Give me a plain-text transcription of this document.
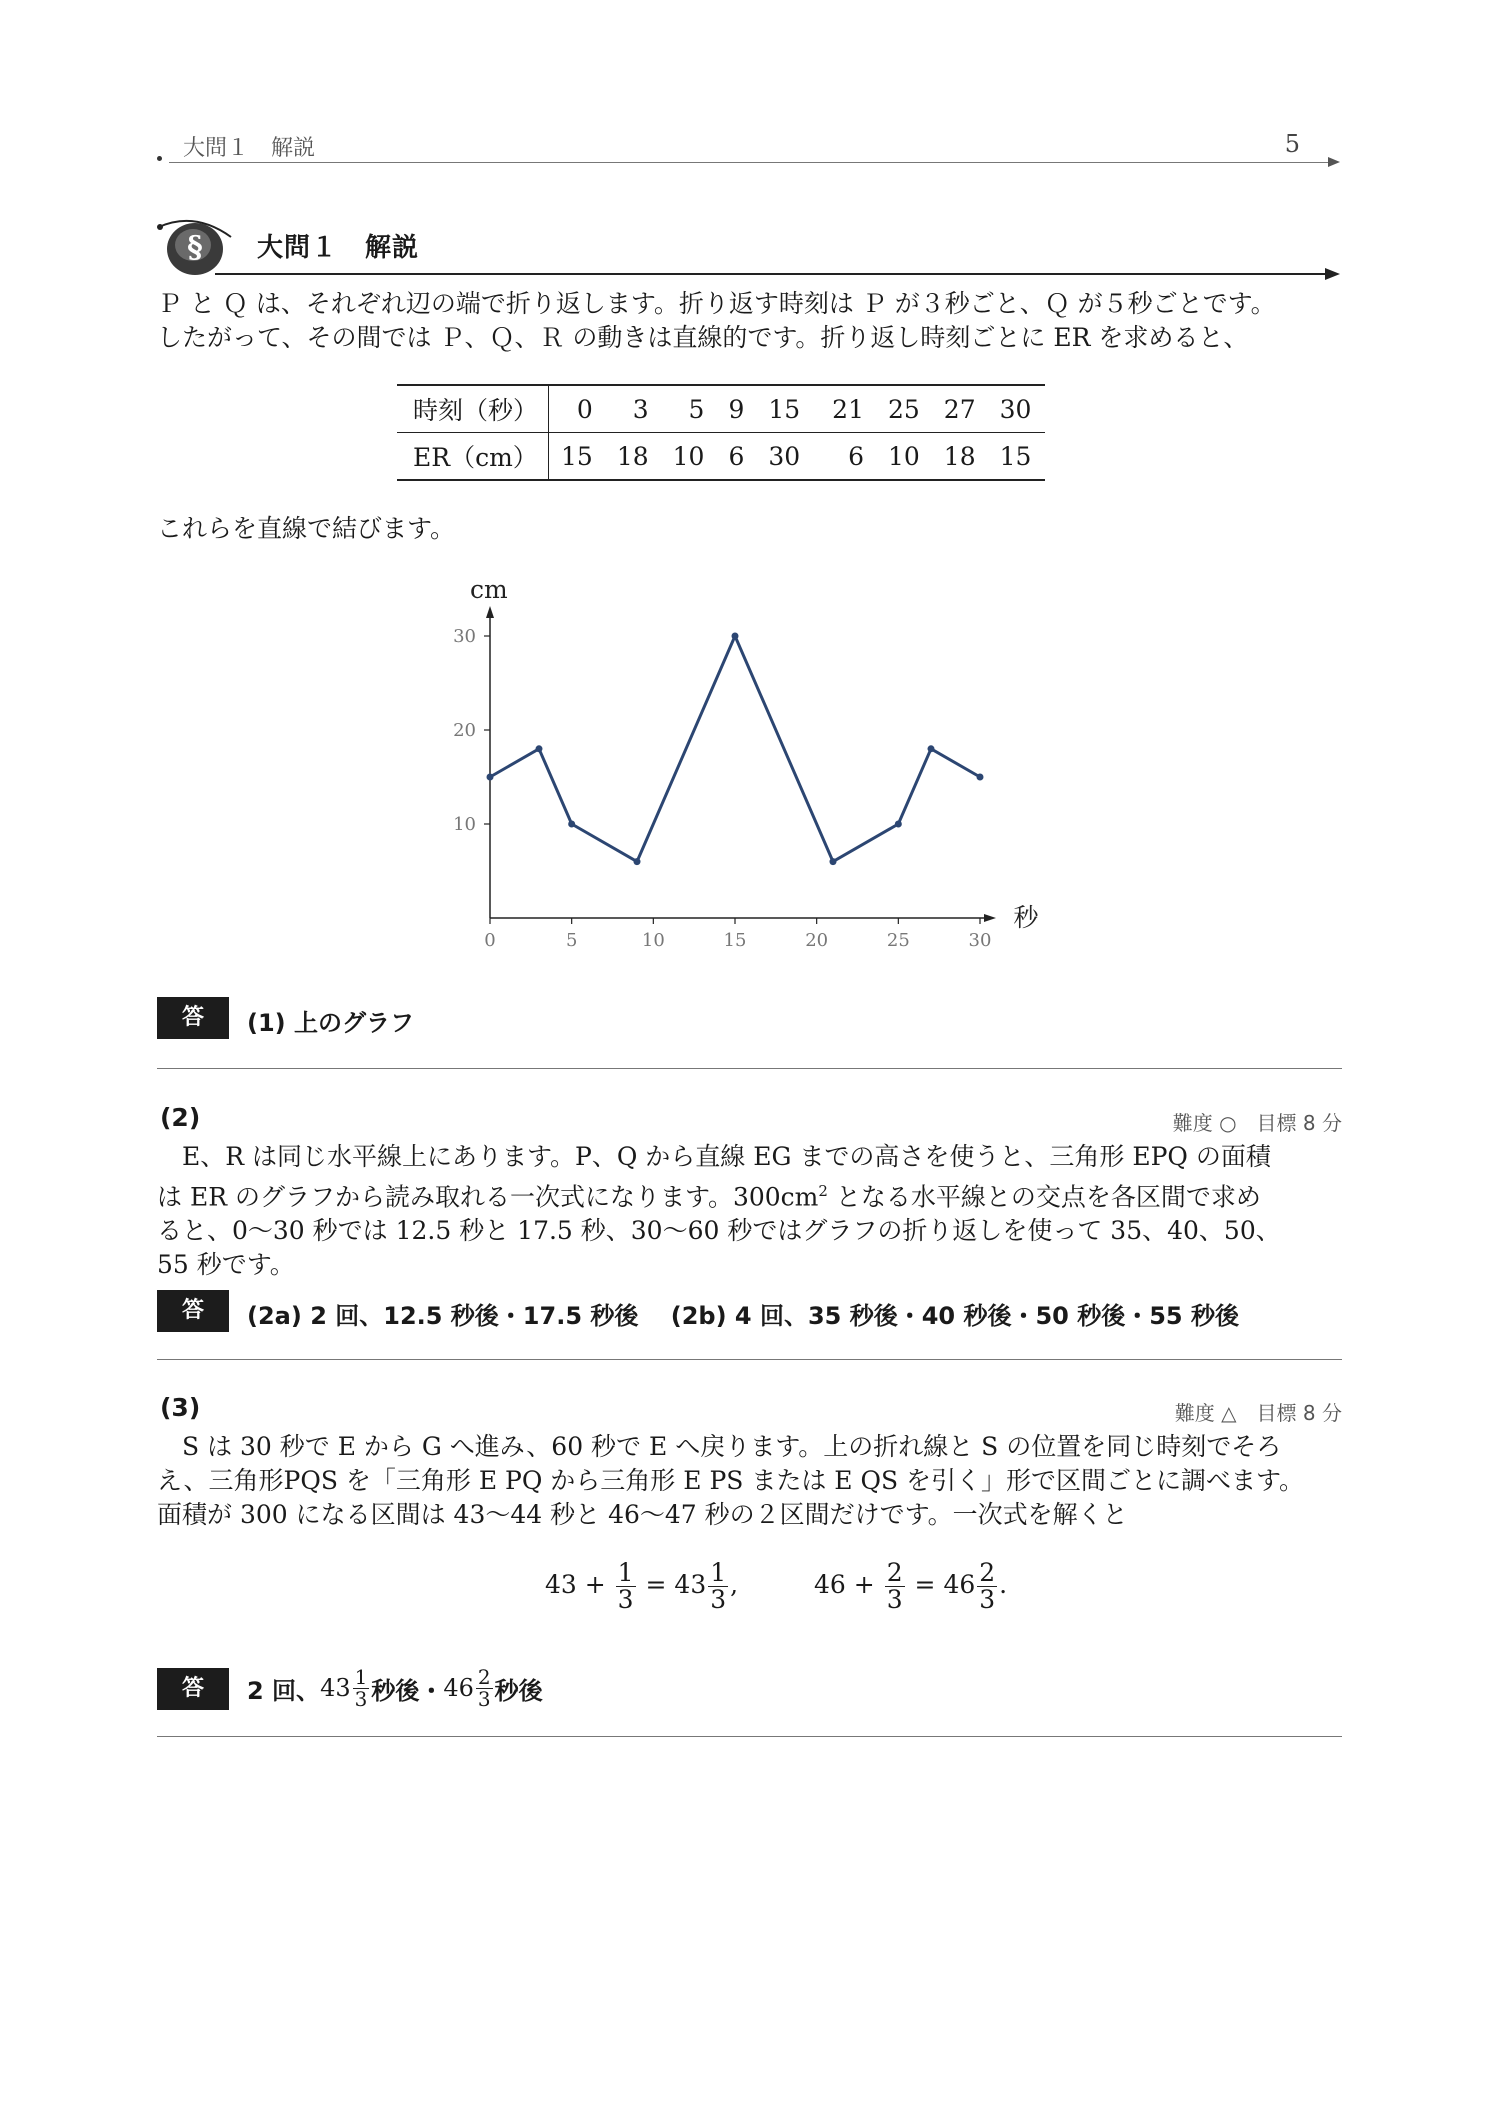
大問１　解説	5
§ 大問１　解説
Ｐ と Ｑ は、それぞれ辺の端で折り返します。折り返す時刻は Ｐ が３秒ごと、Ｑ が５秒ごとです。
したがって、その間では Ｐ、Ｑ、Ｒ の動きは直線的です。折り返し時刻ごとに ER を求めると、
時刻（秒）	0	3	5	9	15	21	25	27	30
ER（cm）	15	18	10	6	30	6	10	18	15
これらを直線で結びます。
cm
秒
0	5	10	15	20	25	30
10
20
30
答	(1) 上のグラフ
(2)	難度 ○　目標 8 分
E、R は同じ水平線上にあります。P、Q から直線 EG までの高さを使うと、三角形 EPQ の面積
は ER のグラフから読み取れる一次式になります。$300cm^2$ となる水平線との交点を各区間で求め
ると、0〜30 秒では 12.5 秒と 17.5 秒、30〜60 秒ではグラフの折り返しを使って 35、40、50、
55 秒です。
答	(2a) 2 回、12.5 秒後・17.5 秒後　 (2b) 4 回、35 秒後・40 秒後・50 秒後・55 秒後
(3)	難度 △　目標 8 分
S は 30 秒で E から G へ進み、60 秒で E へ戻ります。上の折れ線と S の位置を同じ時刻でそろ
え、三角形PQS を「三角形 E PQ から三角形 E PS または E QS を引く」形で区間ごとに調べます。
面積が 300 になる区間は 43〜44 秒と 46〜47 秒の２区間だけです。一次式を解くと
$43 + \frac{1}{3} = 43 \frac{1}{3}$ ,	$46 + \frac{2}{3} = 46 \frac{2}{3}$ .
答	2 回、 $43 \frac{1}{3}$ 秒後・ $46 \frac{2}{3}$ 秒後
